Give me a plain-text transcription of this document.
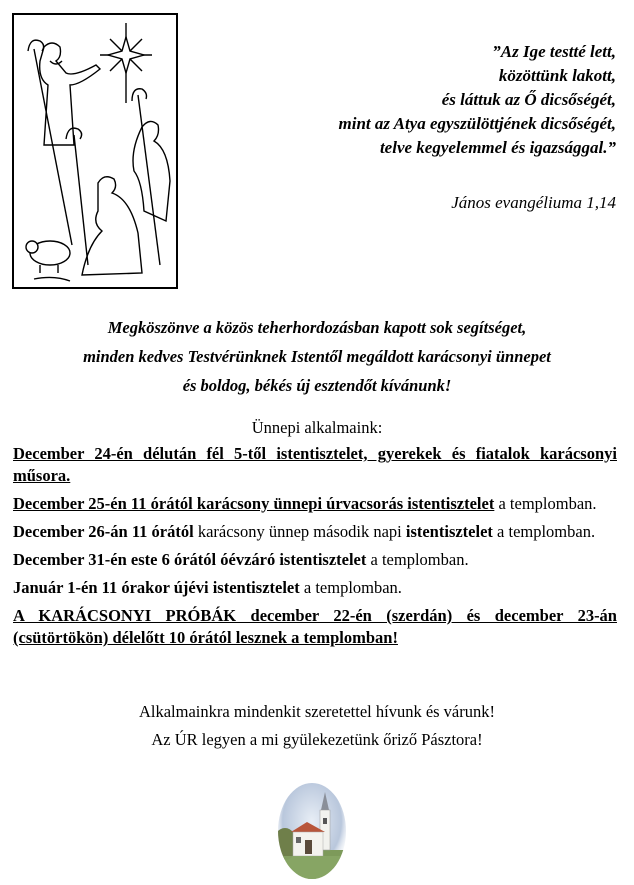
”Az Ige testté lett,
közöttünk lakott,
és láttuk az Ő dicsőségét,
mint az Atya egyszülöttjének dicsőségét,
telve kegyelemmel és igazsággal.”
János evangéliuma 1,14
Megköszönve a közös teherhordozásban kapott sok segítséget,
minden kedves Testvérünknek Istentől megáldott karácsonyi ünnepet
és boldog, békés új esztendőt kívánunk!
Ünnepi alkalmaink:
December 24-én délután fél 5-től istentisztelet, gyerekek és fiatalok karácsonyi műsora.
December 25-én 11 órától karácsony ünnepi úrvacsorás istentisztelet a templomban.
December 26-án 11 órától karácsony ünnep második napi istentisztelet a templomban.
December 31-én este 6 órától óévzáró istentisztelet a templomban.
Január 1-én 11 órakor újévi istentisztelet a templomban.
A KARÁCSONYI PRÓBÁK december 22-én (szerdán) és december 23-án (csütörtökön) délelőtt 10 órától lesznek a templomban!
Alkalmainkra mindenkit szeretettel hívunk és várunk!
Az ÚR legyen a mi gyülekezetünk őriző Pásztora!
